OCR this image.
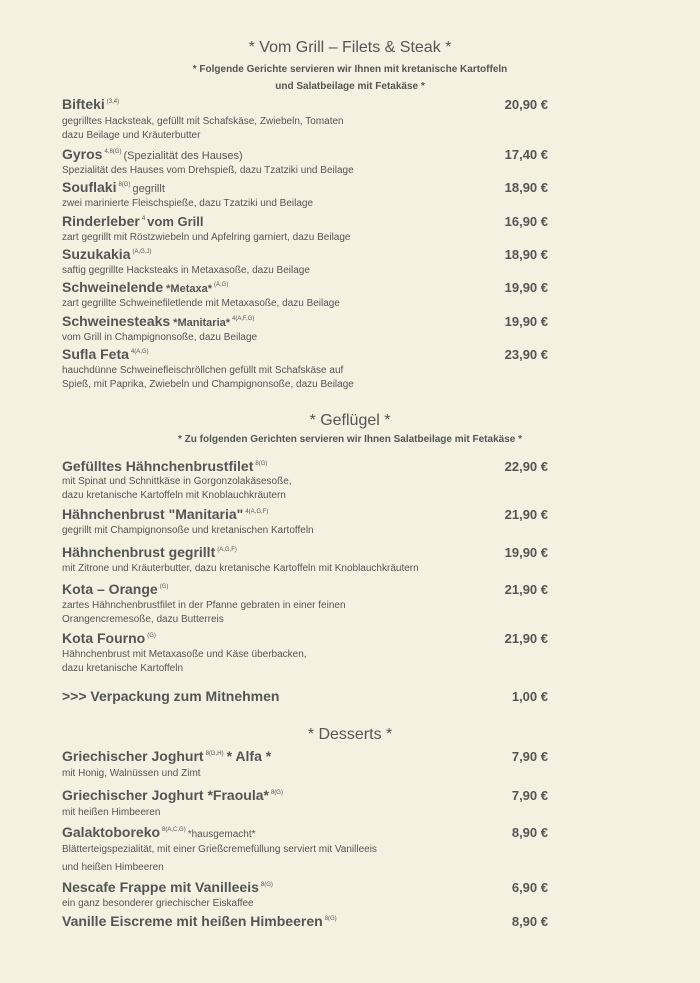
* Vom Grill – Filets & Steak *
* Folgende Gerichte servieren wir Ihnen mit kretanische Kartoffeln
und Salatbeilage mit Fetakäse *
Bifteki $^{(3,4)}$	20,90 €
gegrilltes Hacksteak, gefüllt mit Schafskäse, Zwiebeln, Tomaten
dazu Beilage und Kräuterbutter
Gyros $^{4,8(G)}$ (Spezialität des Hauses)	17,40 €
Spezialität des Hauses vom Drehspieß, dazu Tzatziki und Beilage
Souflaki $^{8(G)}$ gegrillt	18,90 €
zwei marinierte Fleischspieße, dazu Tzatziki und Beilage
Rinderleber $^4$ vom Grill	16,90 €
zart gegrillt mit Röstzwiebeln und Apfelring garniert, dazu Beilage
Suzukakia $^{(A,G,J)}$	18,90 €
saftig gegrillte Hacksteaks in Metaxasoße, dazu Beilage
Schweinelende *Metaxa* $^{(A,G)}$	19,90 €
zart gegrillte Schweinefiletlende mit Metaxasoße, dazu Beilage
Schweinesteaks *Manitaria* $^{4(A,F,G)}$	19,90 €
vom Grill in Champignonsoße, dazu Beilage
Sufla Feta $^{4(A,G)}$	23,90 €
hauchdünne Schweinefleischröllchen gefüllt mit Schafskäse auf
Spieß, mit Paprika, Zwiebeln und Champignonsoße, dazu Beilage
* Geflügel *
* Zu folgenden Gerichten servieren wir Ihnen Salatbeilage mit Fetakäse *
Gefülltes Hähnchenbrustfilet $^{8(G)}$	22,90 €
mit Spinat und Schnittkäse in Gorgonzolakäsesoße,
dazu kretanische Kartoffeln mit Knoblauchkräutern
Hähnchenbrust "Manitaria" $^{4(A,G,F)}$	21,90 €
gegrillt mit Champignonsoße und kretanischen Kartoffeln
Hähnchenbrust gegrillt $^{(A,G,F)}$	19,90 €
mit Zitrone und Kräuterbutter, dazu kretanische Kartoffeln mit Knoblauchkräutern
Kota – Orange $^{(G)}$	21,90 €
zartes Hähnchenbrustfilet in der Pfanne gebraten in einer feinen
Orangencremesoße, dazu Butterreis
Kota Fourno $^{(G)}$	21,90 €
Hähnchenbrust mit Metaxasoße und Käse überbacken,
dazu kretanische Kartoffeln
>>> Verpackung zum Mitnehmen	1,00 €
* Desserts *
Griechischer Joghurt $^{8(G,H)}$ * Alfa *	7,90 €
mit Honig, Walnüssen und Zimt
Griechischer Joghurt *Fraoula* $^{8(G)}$	7,90 €
mit heißen Himbeeren
Galaktoboreko $^{8(A,C,G)}$ *hausgemacht*	8,90 €
Blätterteigspezialität, mit einer Grießcremefüllung serviert mit Vanilleeis
und heißen Himbeeren
Nescafe Frappe mit Vanilleeis $^{8(G)}$	6,90 €
ein ganz besonderer griechischer Eiskaffee
Vanille Eiscreme mit heißen Himbeeren $^{8(G)}$	8,90 €
